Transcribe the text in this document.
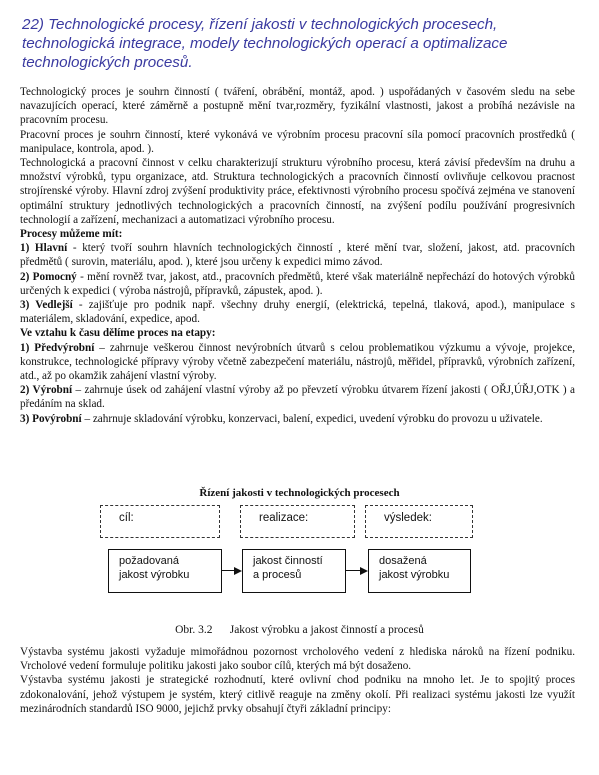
22) Technologické procesy, řízení jakosti v technologických procesech, technologická integrace, modely technologických operací a optimalizace technologických procesů.

Technologický proces je souhrn činností ( tváření, obrábění, montáž, apod. ) uspořádaných v časovém sledu na sebe navazujících operací, které záměrně a postupně mění tvar,rozměry, fyzikální vlastnosti, jakost a probíhá nezávisle na pracovním procesu.

Pracovní proces je souhrn činností, které vykonává ve výrobním procesu pracovní síla pomocí pracovních prostředků ( manipulace, kontrola, apod. ).

Technologická a pracovní činnost v celku charakterizují strukturu výrobního procesu, která závisí především na druhu a množství výrobků, typu organizace, atd. Struktura technologických a pracovních činností ovlivňuje celkovou pracnost strojírenské výroby. Hlavní zdroj zvýšení produktivity práce, efektivnosti výrobního procesu spočívá zejména ve stanovení optimální struktury jednotlivých technologických a pracovních činností, na zvýšení podílu používání progresivních technologií a zařízení, mechanizaci a automatizaci výrobního procesu.

Procesy můžeme mít:

1) Hlavní - který tvoří souhrn hlavních technologických činností , které mění tvar, složení, jakost, atd. pracovních předmětů ( surovin, materiálu, apod. ), které jsou určeny k expedici mimo závod.

2) Pomocný - mění rovněž tvar, jakost, atd., pracovních předmětů, které však materiálně nepřechází do hotových výrobků určených k expedici ( výroba nástrojů, přípravků, zápustek, apod. ).

3) Vedlejší - zajišťuje pro podnik např. všechny druhy energií, (elektrická, tepelná, tlaková, apod.), manipulace s materiálem, skladování, expedice, apod.

Ve vztahu k času dělíme proces na etapy:

1) Předvýrobní – zahrnuje veškerou činnost nevýrobních útvarů s celou problematikou výzkumu a vývoje, projekce, konstrukce, technologické přípravy výroby včetně zabezpečení materiálu, nástrojů, měřidel, přípravků, výrobních zařízení, atd., až po okamžik zahájení vlastní výroby.

2) Výrobní – zahrnuje úsek od zahájení vlastní výroby až po převzetí výrobku útvarem řízení jakosti ( OŘJ,ÚŘJ,OTK ) a předáním na sklad.

3) Povýrobní – zahrnuje skladování výrobku, konzervaci, balení, expedici, uvedení výrobku do provozu u uživatele.

Řízení jakosti v technologických procesech
cíl:	realizace:	výsledek:
požadovaná
jakost výrobku
jakost činností
a procesů
dosažená
jakost výrobku
Obr. 3.2      Jakost výrobku a jakost činností a procesů

Výstavba systému jakosti vyžaduje mimořádnou pozornost vrcholového vedení z hlediska nároků na řízení podniku. Vrcholové vedení formuluje politiku jakosti jako soubor cílů, kterých má být dosaženo.

Výstavba systému jakosti je strategické rozhodnutí, které ovlivní chod podniku na mnoho let. Je to spojitý proces zdokonalování, jehož výstupem je systém, který citlivě reaguje na změny okolí. Při realizaci systému jakosti lze využít mezinárodních standardů ISO 9000, jejichž prvky obsahují čtyři základní principy:
